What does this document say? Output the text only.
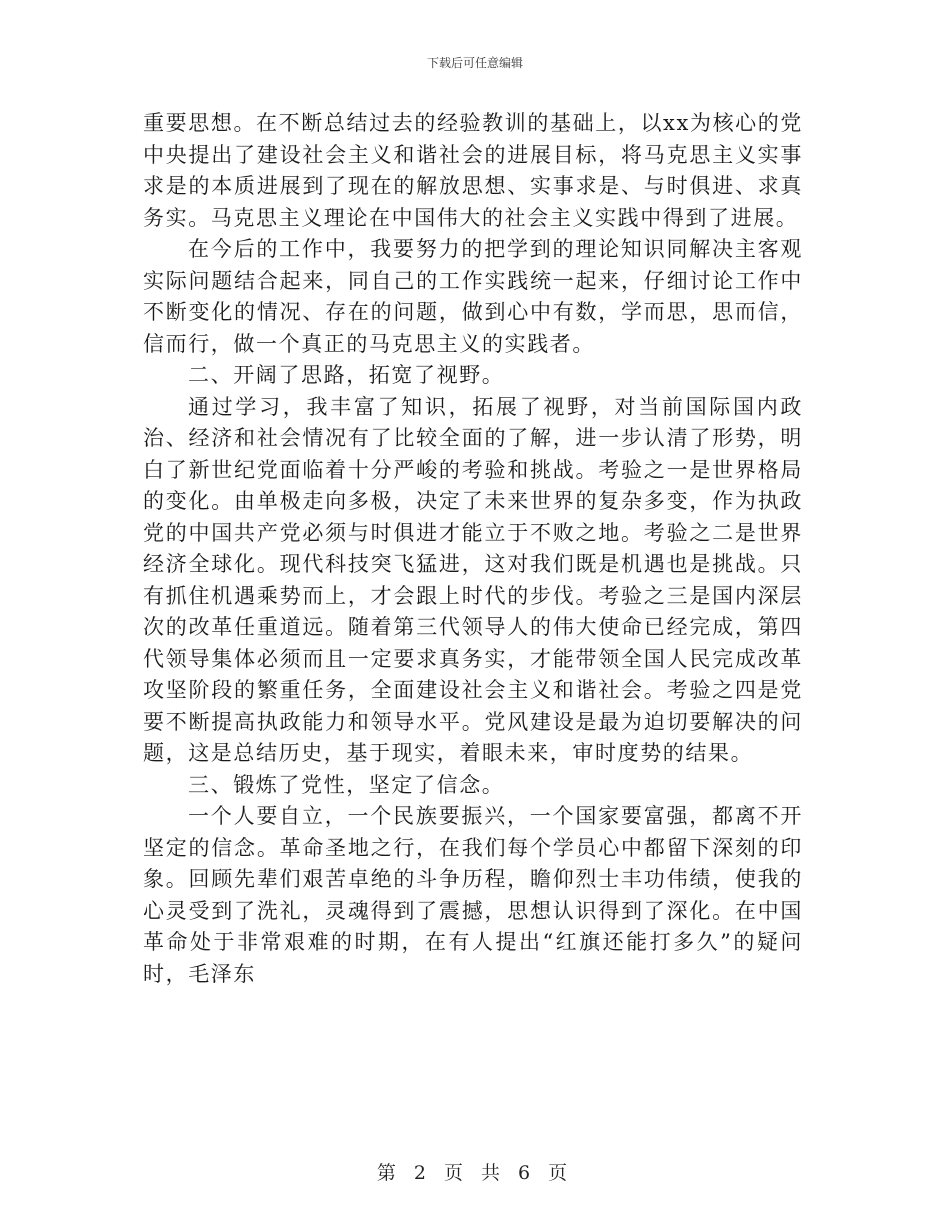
下载后可任意编辑

重要思想。在不断总结过去的经验教训的基础上，以xx为核心的党中央提出了建设社会主义和谐社会的进展目标，将马克思主义实事求是的本质进展到了现在的解放思想、实事求是、与时俱进、求真务实。马克思主义理论在中国伟大的社会主义实践中得到了进展。

在今后的工作中，我要努力的把学到的理论知识同解决主客观实际问题结合起来，同自己的工作实践统一起来，仔细讨论工作中不断变化的情况、存在的问题，做到心中有数，学而思，思而信，信而行，做一个真正的马克思主义的实践者。

二、开阔了思路，拓宽了视野。

通过学习，我丰富了知识，拓展了视野，对当前国际国内政治、经济和社会情况有了比较全面的了解，进一步认清了形势，明白了新世纪党面临着十分严峻的考验和挑战。考验之一是世界格局的变化。由单极走向多极，决定了未来世界的复杂多变，作为执政党的中国共产党必须与时俱进才能立于不败之地。考验之二是世界经济全球化。现代科技突飞猛进，这对我们既是机遇也是挑战。只有抓住机遇乘势而上，才会跟上时代的步伐。考验之三是国内深层次的改革任重道远。随着第三代领导人的伟大使命已经完成，第四代领导集体必须而且一定要求真务实，才能带领全国人民完成改革攻坚阶段的繁重任务，全面建设社会主义和谐社会。考验之四是党要不断提高执政能力和领导水平。党风建设是最为迫切要解决的问题，这是总结历史，基于现实，着眼未来，审时度势的结果。

三、锻炼了党性，坚定了信念。

一个人要自立，一个民族要振兴，一个国家要富强，都离不开坚定的信念。革命圣地之行，在我们每个学员心中都留下深刻的印象。回顾先辈们艰苦卓绝的斗争历程，瞻仰烈士丰功伟绩，使我的心灵受到了洗礼，灵魂得到了震撼，思想认识得到了深化。在中国革命处于非常艰难的时期，在有人提出“红旗还能打多久”的疑问时，毛泽东

第 2 页 共 6 页
